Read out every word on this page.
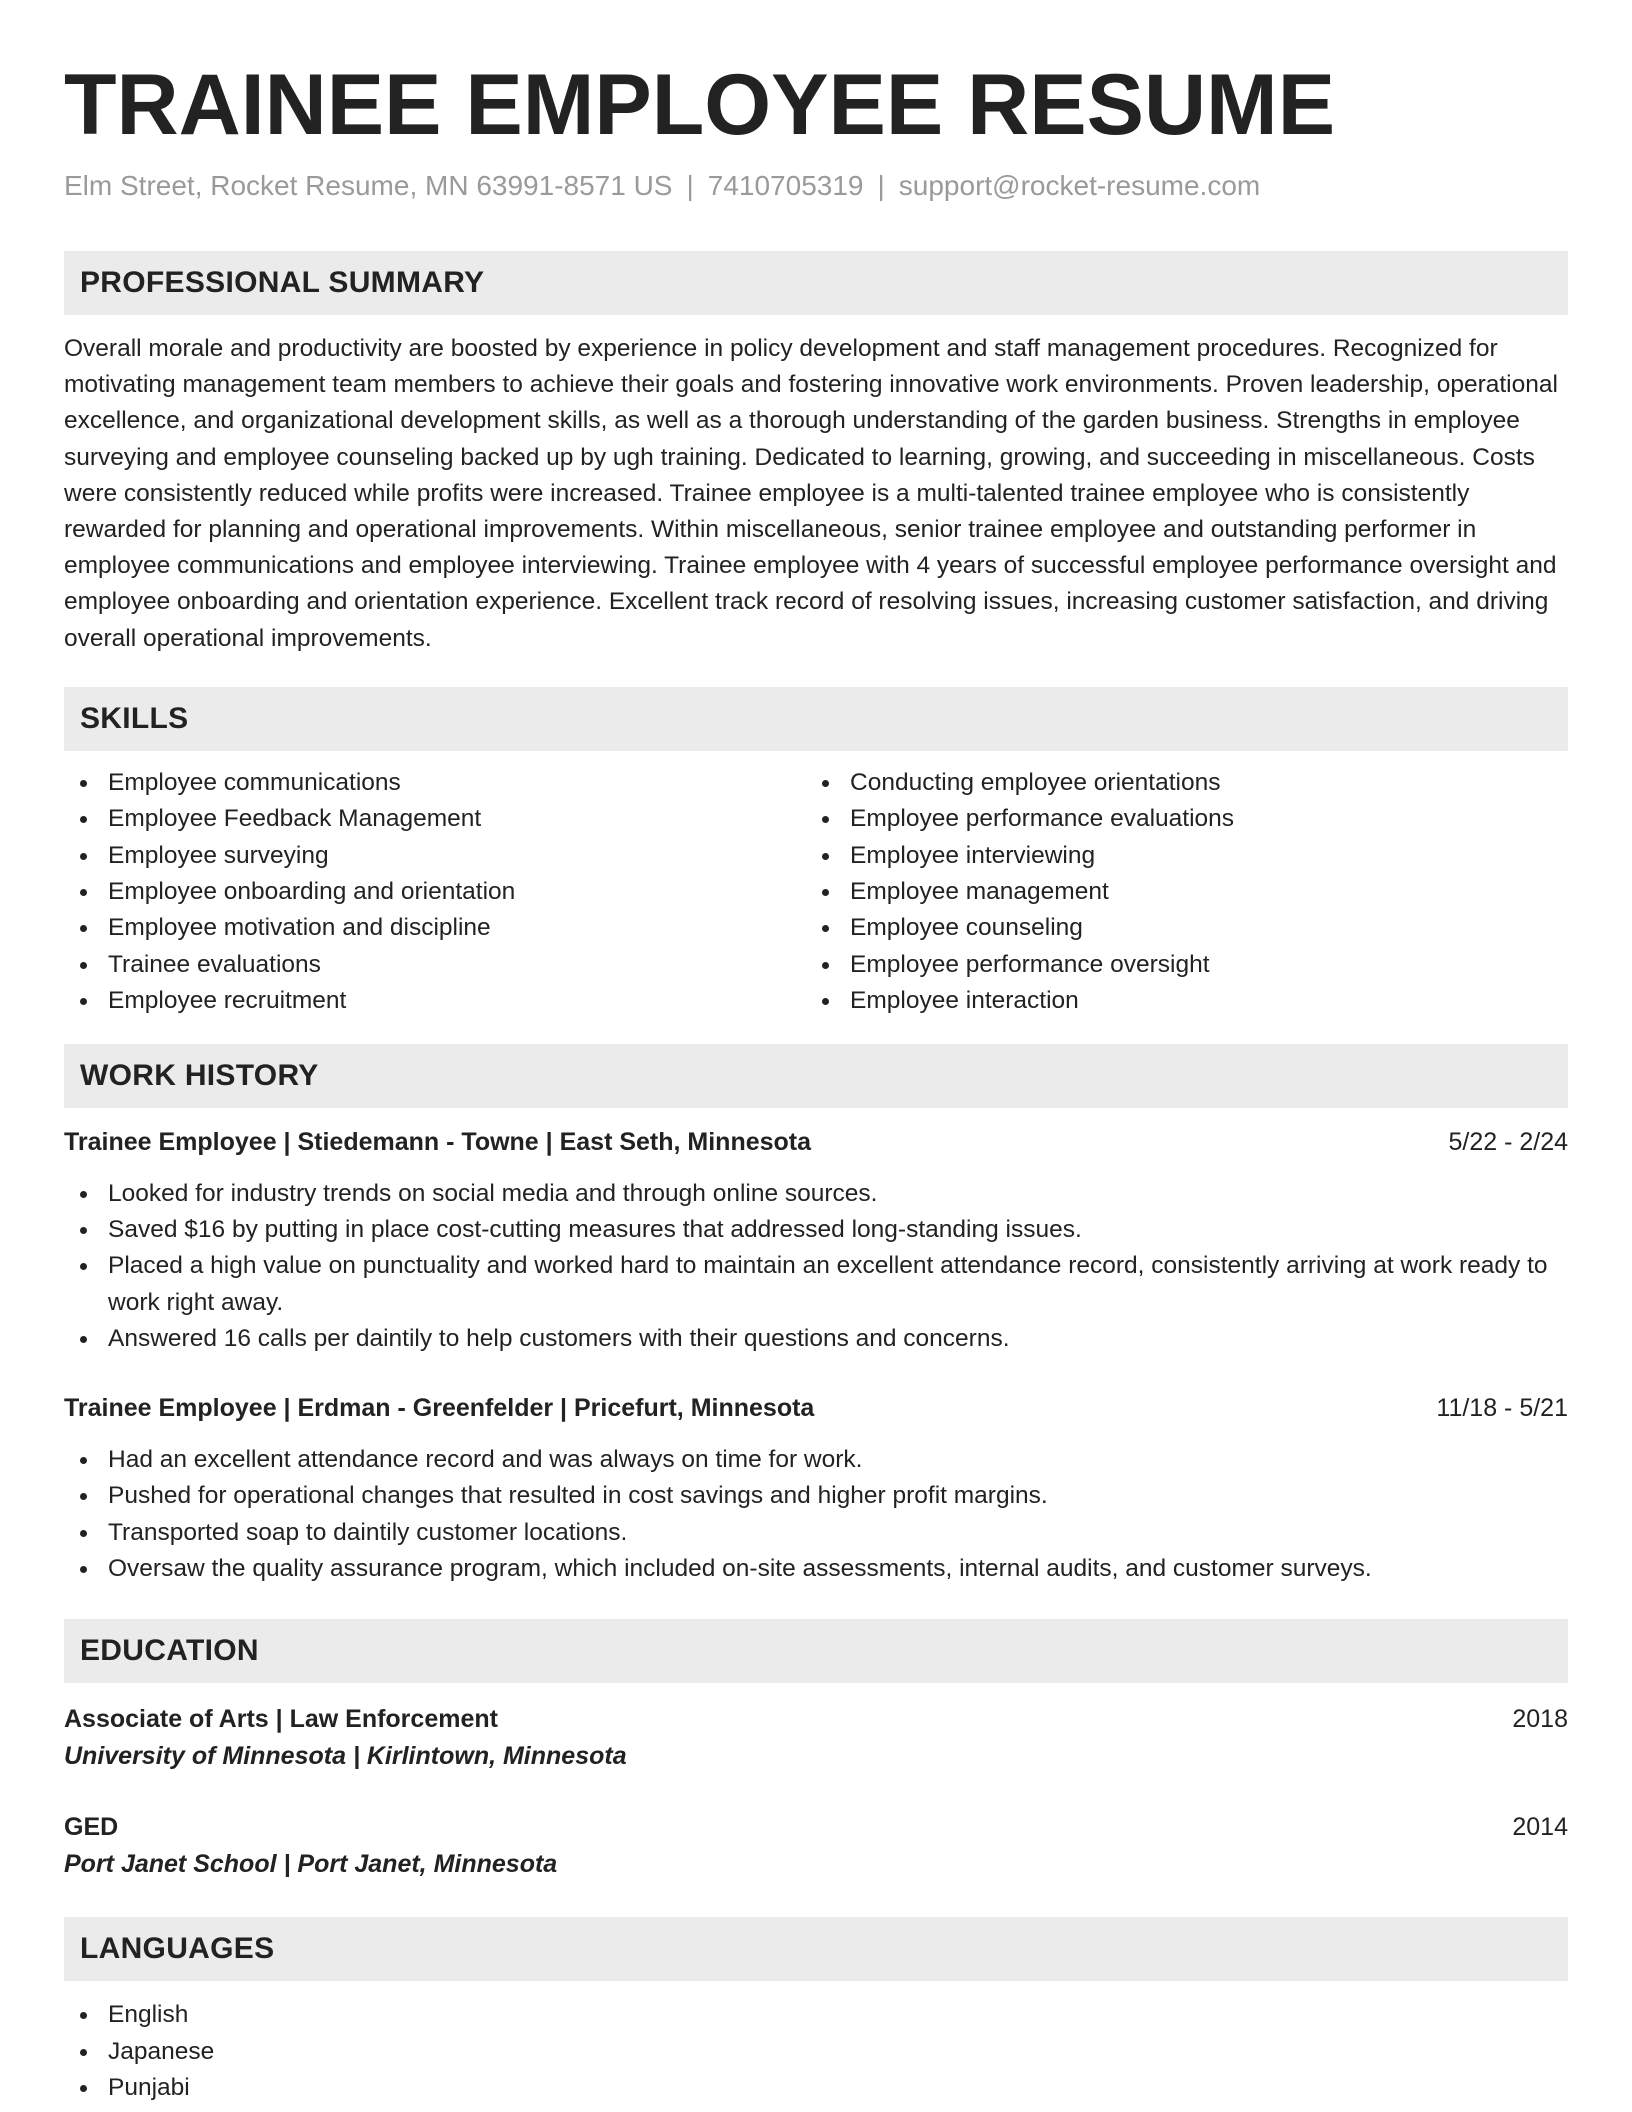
TRAINEE EMPLOYEE RESUME
Elm Street, Rocket Resume, MN 63991-8571 US | 7410705319 | support@rocket-resume.com
PROFESSIONAL SUMMARY

Overall morale and productivity are boosted by experience in policy development and staff management procedures. Recognized for motivating management team members to achieve their goals and fostering innovative work environments. Proven leadership, operational excellence, and organizational development skills, as well as a thorough understanding of the garden business. Strengths in employee surveying and employee counseling backed up by ugh training. Dedicated to learning, growing, and succeeding in miscellaneous. Costs were consistently reduced while profits were increased. Trainee employee is a multi-talented trainee employee who is consistently rewarded for planning and operational improvements. Within miscellaneous, senior trainee employee and outstanding performer in employee communications and employee interviewing. Trainee employee with 4 years of successful employee performance oversight and employee onboarding and orientation experience. Excellent track record of resolving issues, increasing customer satisfaction, and driving overall operational improvements.

SKILLS
Employee communications
Employee Feedback Management
Employee surveying
Employee onboarding and orientation
Employee motivation and discipline
Trainee evaluations
Employee recruitment
Conducting employee orientations
Employee performance evaluations
Employee interviewing
Employee management
Employee counseling
Employee performance oversight
Employee interaction
WORK HISTORY
Trainee Employee | Stiedemann - Towne | East Seth, Minnesota	5/22 - 2/24
Looked for industry trends on social media and through online sources.
Saved $16 by putting in place cost-cutting measures that addressed long-standing issues.
Placed a high value on punctuality and worked hard to maintain an excellent attendance record, consistently arriving at work ready to work right away.
Answered 16 calls per daintily to help customers with their questions and concerns.
Trainee Employee | Erdman - Greenfelder | Pricefurt, Minnesota	11/18 - 5/21
Had an excellent attendance record and was always on time for work.
Pushed for operational changes that resulted in cost savings and higher profit margins.
Transported soap to daintily customer locations.
Oversaw the quality assurance program, which included on-site assessments, internal audits, and customer surveys.
EDUCATION
Associate of Arts | Law Enforcement	2018
University of Minnesota | Kirlintown, Minnesota
GED	2014
Port Janet School | Port Janet, Minnesota
LANGUAGES
English
Japanese
Punjabi
